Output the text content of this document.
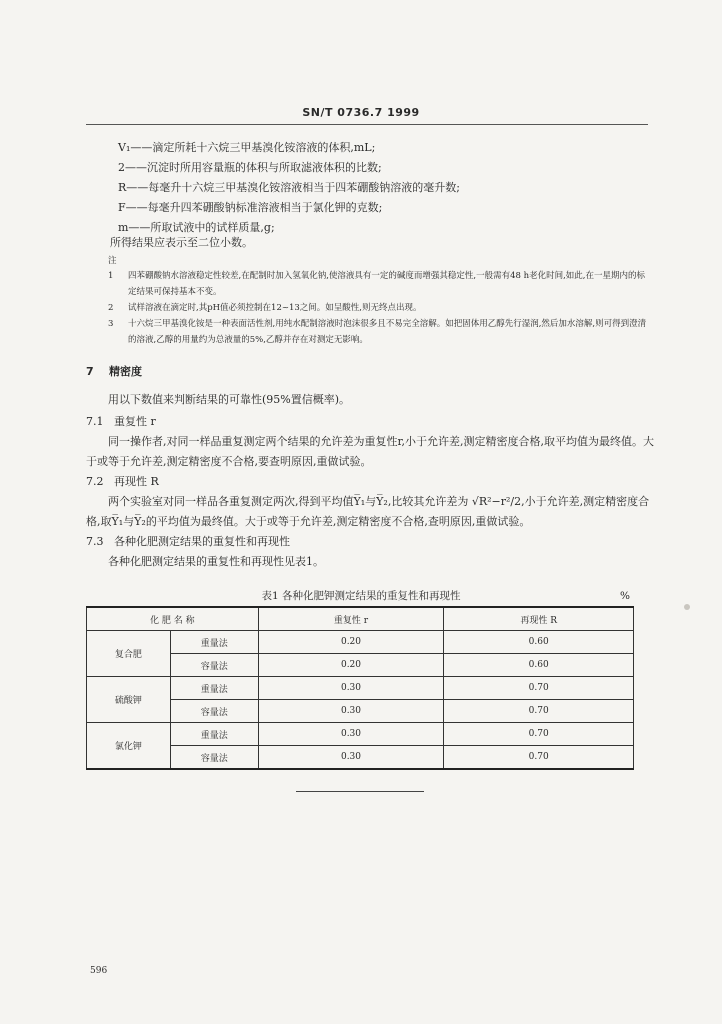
SN/T 0736.7 1999
V₁——滴定所耗十六烷三甲基溴化铵溶液的体积,mL;
2——沉淀时所用容量瓶的体积与所取滤液体积的比数;
R——每毫升十六烷三甲基溴化铵溶液相当于四苯硼酸钠溶液的毫升数;
F——每毫升四苯硼酸钠标准溶液相当于氯化钾的克数;
m——所取试液中的试样质量,g;
所得结果应表示至二位小数。
注
1 四苯硼酸钠水溶液稳定性较差,在配制时加入氢氧化钠,使溶液具有一定的碱度而增强其稳定性,一般需有48 h老化时间,如此,在一星期内的标定结果可保持基本不变。
2 试样溶液在滴定时,其pH值必须控制在12~13之间。如呈酸性,则无终点出现。
3 十六烷三甲基溴化铵是一种表面活性剂,用纯水配制溶液时泡沫很多且不易完全溶解。如把固体用乙醇先行湿润,然后加水溶解,则可得到澄清的溶液,乙醇的用量约为总液量的5%,乙醇并存在对测定无影响。
7 精密度
用以下数值来判断结果的可靠性(95%置信概率)。
7.1 重复性 r
同一操作者,对同一样品重复测定两个结果的允许差为重复性r,小于允许差,测定精密度合格,取平均值为最终值。大于或等于允许差,测定精密度不合格,要查明原因,重做试验。
7.2 再现性 R
两个实验室对同一样品各重复测定两次,得到平均值Y̅₁与Y̅₂,比较其允许差为 √R²−r²/2,小于允许差,测定精密度合格,取Y̅₁与Y̅₂的平均值为最终值。大于或等于允许差,测定精密度不合格,查明原因,重做试验。
7.3 各种化肥测定结果的重复性和再现性
各种化肥测定结果的重复性和再现性见表1。
表1 各种化肥钾测定结果的重复性和再现性	%
化 肥 名 称		重复性 r	再现性 R
复合肥	重量法	0.20	0.60
	容量法	0.20	0.60
硫酸钾	重量法	0.30	0.70
	容量法	0.30	0.70
氯化钾	重量法	0.30	0.70
	容量法	0.30	0.70
596
